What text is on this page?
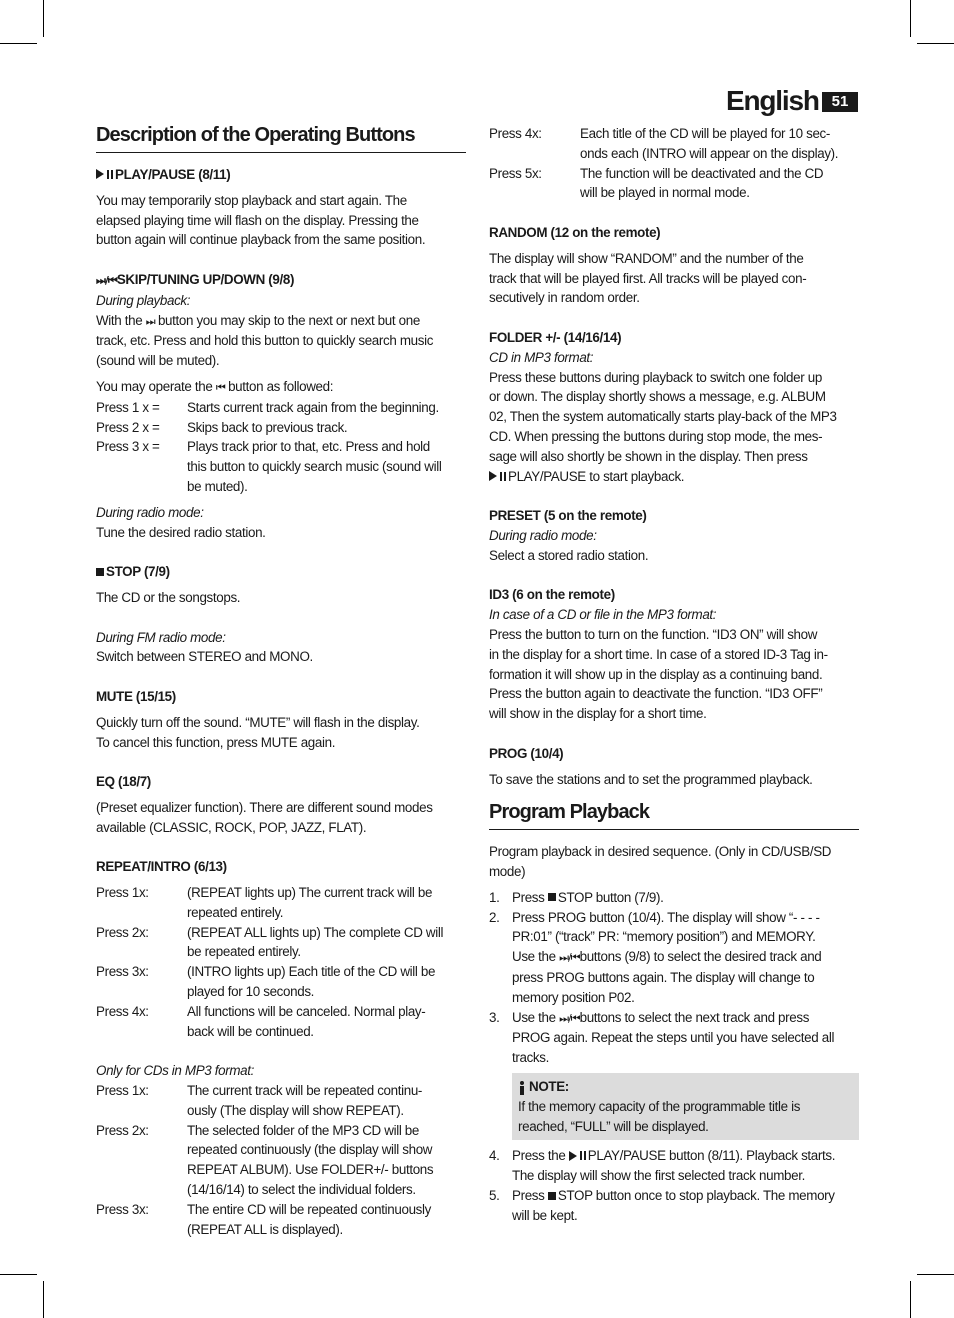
English 51
Description of the Operating Buttons
PLAY/PAUSE (8/11)
You may temporarily stop playback and start again. The
elapsed playing time will flash on the display. Pressing the
button again will continue playback from the same position.
⏭/⏮SKIP/TUNING UP/DOWN (9/8)
During playback:
With the ⏭ button you may skip to the next or next but one
track, etc. Press and hold this button to quickly search music
(sound will be muted).
You may operate the ⏮ button as followed:
Press 1 x =	Starts current track again from the beginning.
Press 2 x =	Skips back to previous track.
Press 3 x =	Plays track prior to that, etc. Press and hold
this button to quickly search music (sound will
be muted).
During radio mode:
Tune the desired radio station.
STOP (7/9)
The CD or the songstops.
During FM radio mode:
Switch between STEREO and MONO.
MUTE (15/15)
Quickly turn off the sound. “MUTE” will flash in the display.
To cancel this function, press MUTE again.
EQ (18/7)
(Preset equalizer function). There are different sound modes
available (CLASSIC, ROCK, POP, JAZZ, FLAT).
REPEAT/INTRO (6/13)
Press 1x:	(REPEAT lights up) The current track will be
repeated entirely.
Press 2x:	(REPEAT ALL lights up) The complete CD will
be repeated entirely.
Press 3x:	(INTRO lights up) Each title of the CD will be
played for 10 seconds.
Press 4x:	All functions will be canceled. Normal play-
back will be continued.
Only for CDs in MP3 format:
Press 1x:	The current track will be repeated continu-
ously (The display will show REPEAT).
Press 2x:	The selected folder of the MP3 CD will be
repeated continuously (the display will show
REPEAT ALBUM). Use FOLDER+/- buttons
(14/16/14) to select the individual folders.
Press 3x:	The entire CD will be repeated continuously
(REPEAT ALL is displayed).
Press 4x:	Each title of the CD will be played for 10 sec-
onds each (INTRO will appear on the display).
Press 5x:	The function will be deactivated and the CD
will be played in normal mode.
RANDOM (12 on the remote)
The display will show “RANDOM” and the number of the
track that will be played first. All tracks will be played con-
secutively in random order.
FOLDER +/- (14/16/14)
CD in MP3 format:
Press these buttons during playback to switch one folder up
or down. The display shortly shows a message, e.g. ALBUM
02, Then the system automatically starts play-back of the MP3
CD. When pressing the buttons during stop mode, the mes-
sage will also shortly be shown in the display. Then press
PLAY/PAUSE to start playback.
PRESET (5 on the remote)
During radio mode:
Select a stored radio station.
ID3 (6 on the remote)
In case of a CD or file in the MP3 format:
Press the button to turn on the function. “ID3 ON” will show
in the display for a short time. In case of a stored ID-3 Tag in-
formation it will show up in the display as a continuing band.
Press the button again to deactivate the function. “ID3 OFF”
will show in the display for a short time.
PROG (10/4)
To save the stations and to set the programmed playback.
Program Playback
Program playback in desired sequence. (Only in CD/USB/SD
mode)
1. Press STOP button (7/9).
2. Press PROG button (10/4). The display will show “- - - -
PR:01” (“track” PR: “memory position”) and MEMORY.
Use the ⏭/⏮buttons (9/8) to select the desired track and
press PROG buttons again. The display will change to
memory position P02.
3. Use the ⏭/⏮buttons to select the next track and press
PROG again. Repeat the steps until you have selected all
tracks.
NOTE:
If the memory capacity of the programmable title is
reached, “FULL” will be displayed.
4. Press the PLAY/PAUSE button (8/11). Playback starts.
The display will show the first selected track number.
5. Press STOP button once to stop playback. The memory
will be kept.
